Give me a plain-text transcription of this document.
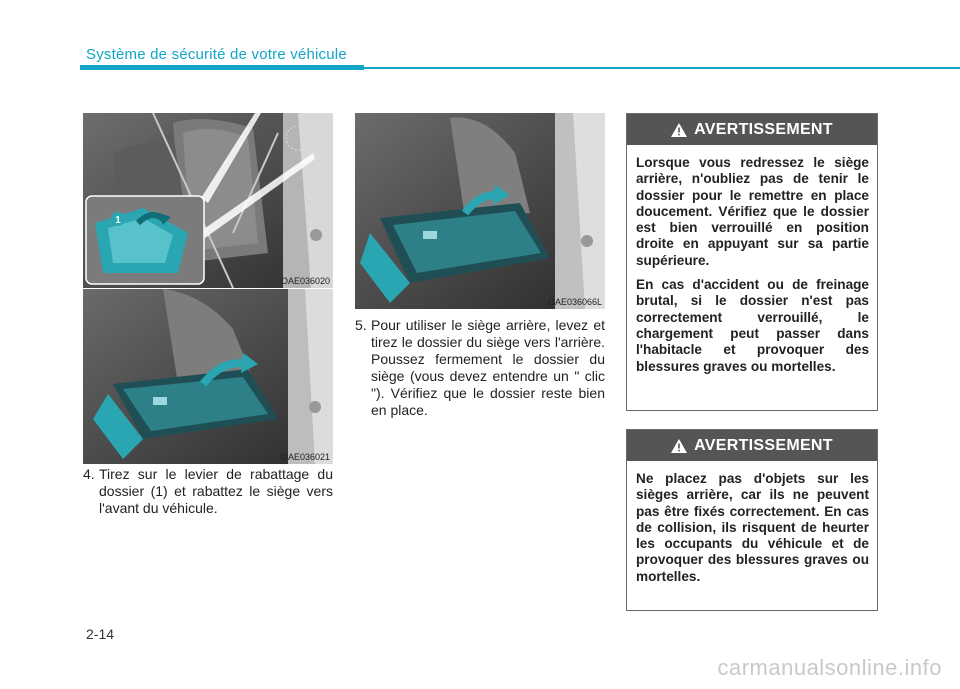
Système de sécurité de votre véhicule
1
OAE036020
OAE036021
OAE036066L
4. Tirez sur le levier de rabattage du dossier (1) et rabattez le siège vers l'avant du véhicule.
5. Pour utiliser le siège arrière, levez et tirez le dossier du siège vers l'arrière. Poussez fermement le dossier du siège (vous devez entendre un " clic "). Vérifiez que le dossier reste bien en place.
AVERTISSEMENT

Lorsque vous redressez le siège arrière, n'oubliez pas de tenir le dossier pour le remettre en place doucement. Vérifiez que le dossier est bien verrouillé en position droite en appuyant sur sa partie supérieure.

En cas d'accident ou de freinage brutal, si le dossier n'est pas correctement verrouillé, le chargement peut passer dans l'habitacle et provoquer des blessures graves ou mortelles.

AVERTISSEMENT

Ne placez pas d'objets sur les sièges arrière, car ils ne peuvent pas être fixés correctement. En cas de collision, ils risquent de heurter les occupants du véhicule et de provoquer des blessures graves ou mortelles.

2-14
carmanualsonline.info
